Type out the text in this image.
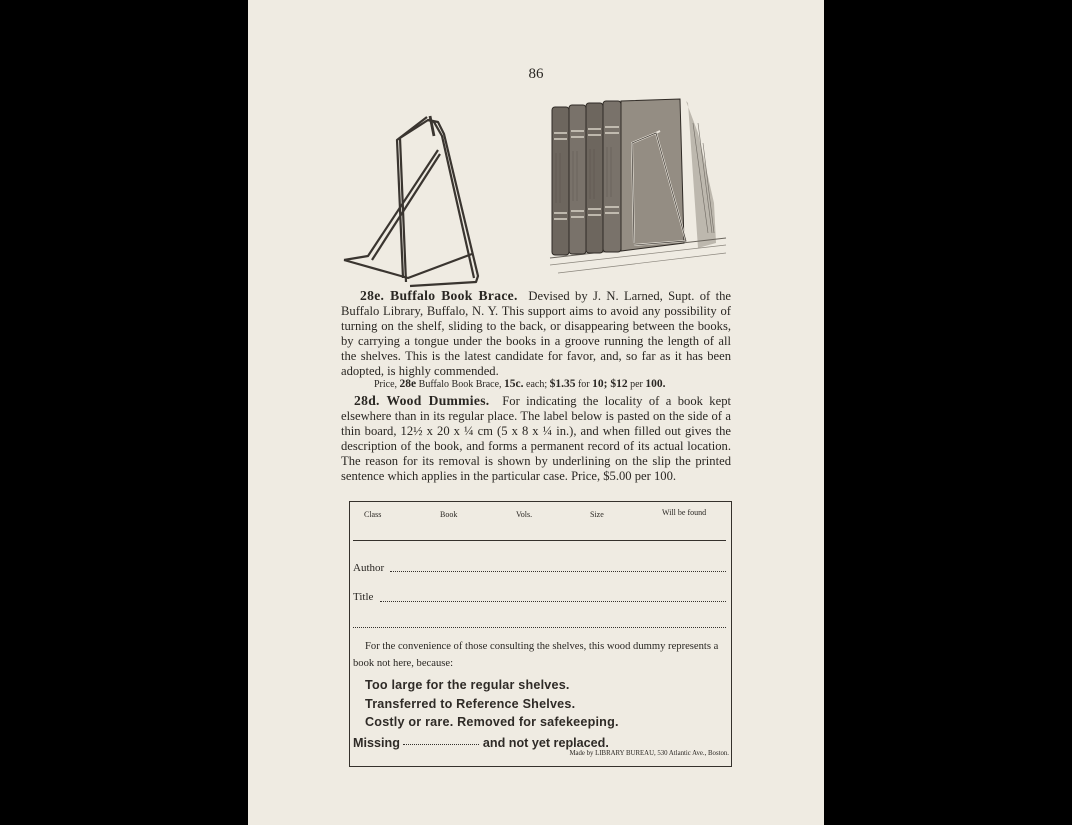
86
28e. Buffalo Book Brace. Devised by J. N. Larned, Supt. of the Buffalo Library, Buffalo, N. Y. This support aims to avoid any possibility of turning on the shelf, sliding to the back, or disappearing between the books, by carrying a tongue under the books in a groove running the length of all the shelves. This is the latest candidate for favor, and, so far as it has been adopted, is highly commended.
Price, 28e Buffalo Book Brace, 15c. each; $1.35 for 10; $12 per 100.
28d. Wood Dummies. For indicating the locality of a book kept elsewhere than in its regular place. The label below is pasted on the side of a thin board, 12½ x 20 x ¼ cm (5 x 8 x ¼ in.), and when filled out gives the description of the book, and forms a permanent record of its actual location. The reason for its removal is shown by underlining on the slip the printed sentence which applies in the particular case. Price, $5.00 per 100.
Class	Book	Vols.	Size	Will be found
Author
Title
For the convenience of those consulting the shelves, this wood dummy represents a book not here, because:
Too large for the regular shelves.
Transferred to Reference Shelves.
Costly or rare. Removed for safekeeping.
Missing	and not yet replaced.
Made by LIBRARY BUREAU, 530 Atlantic Ave., Boston.
